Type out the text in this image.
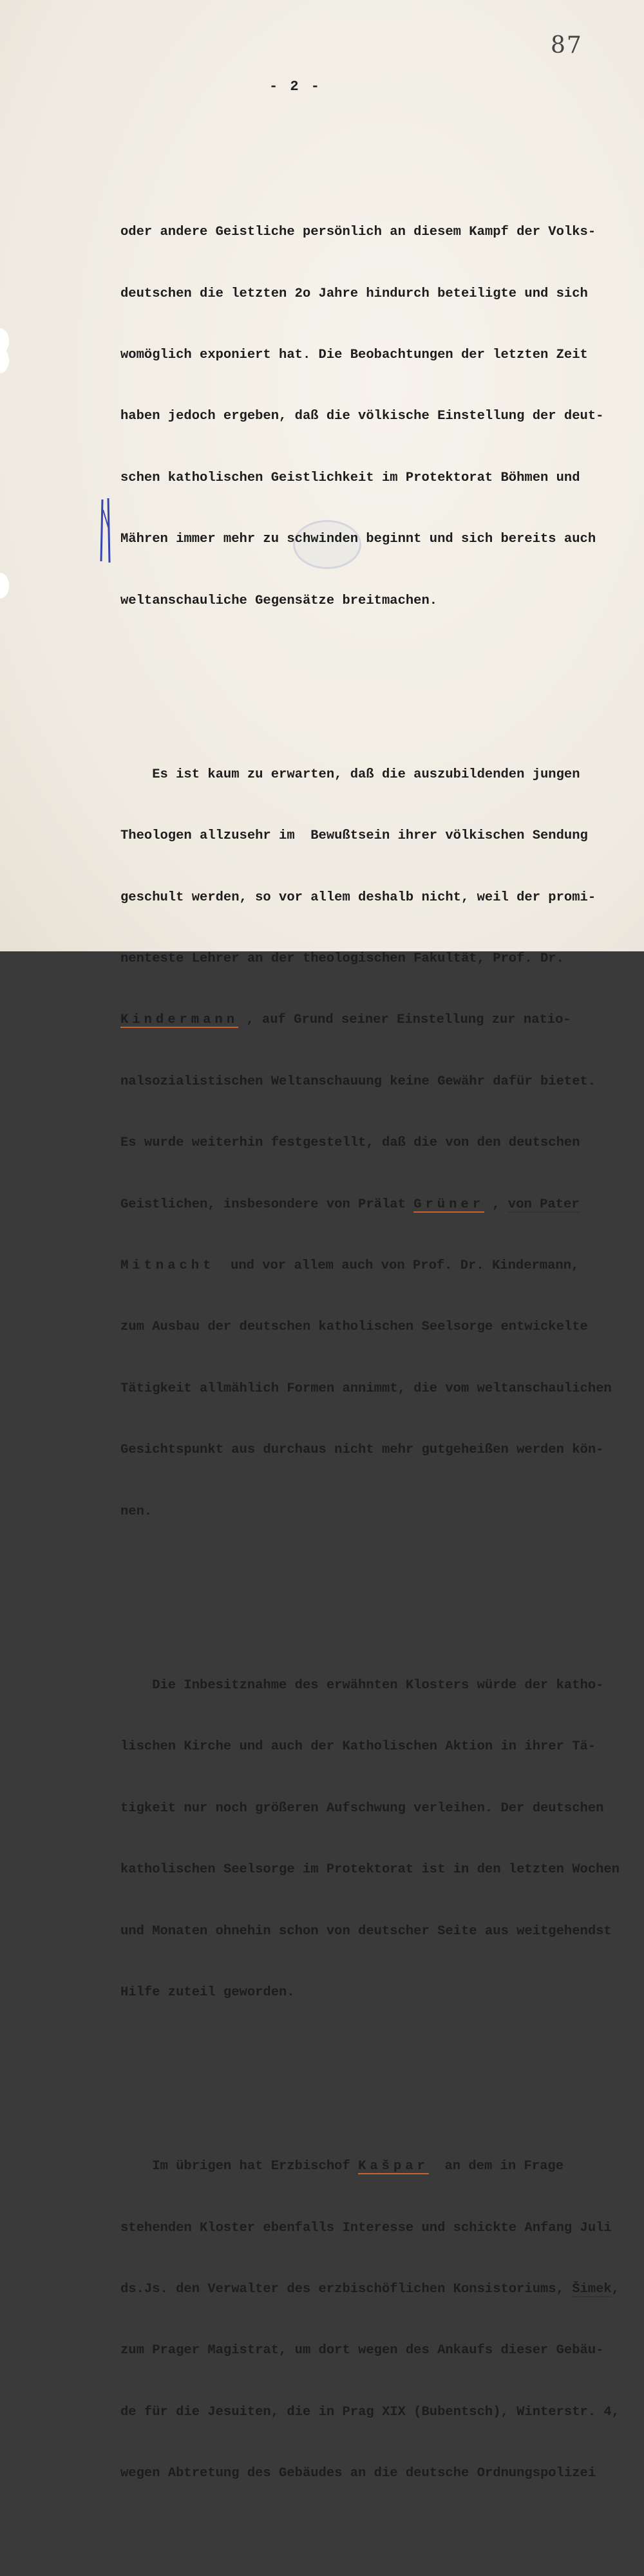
87
- 2 -

oder andere Geistliche persönlich an diesem Kampf der Volks-

deutschen die letzten 2o Jahre hindurch beteiligte und sich

womöglich exponiert hat. Die Beobachtungen der letzten Zeit

haben jedoch ergeben, daß die völkische Einstellung der deut-

schen katholischen Geistlichkeit im Protektorat Böhmen und

Mähren immer mehr zu schwinden beginnt und sich bereits auch

weltanschauliche Gegensätze breitmachen.

Es ist kaum zu erwarten, daß die auszubildenden jungen

Theologen allzusehr im  Bewußtsein ihrer völkischen Sendung

geschult werden, so vor allem deshalb nicht, weil der promi-

nenteste Lehrer an der theologischen Fakultät, Prof. Dr.

Kindermann , auf Grund seiner Einstellung zur natio-

nalsozialistischen Weltanschauung keine Gewähr dafür bietet.

Es wurde weiterhin festgestellt, daß die von den deutschen

Geistlichen, insbesondere von Prälat Grüner , von Pater

Mitnacht  und vor allem auch von Prof. Dr. Kindermann,

zum Ausbau der deutschen katholischen Seelsorge entwickelte

Tätigkeit allmählich Formen annimmt, die vom weltanschaulichen

Gesichtspunkt aus durchaus nicht mehr gutgeheißen werden kön-

nen.

Die Inbesitznahme des erwähnten Klosters würde der katho-

lischen Kirche und auch der Katholischen Aktion in ihrer Tä-

tigkeit nur noch größeren Aufschwung verleihen. Der deutschen

katholischen Seelsorge im Protektorat ist in den letzten Wochen

und Monaten ohnehin schon von deutscher Seite aus weitgehendst

Hilfe zuteil geworden.

Im übrigen hat Erzbischof Kašpar  an dem in Frage

stehenden Kloster ebenfalls Interesse und schickte Anfang Juli

ds.Js. den Verwalter des erzbischöflichen Konsistoriums, Šimek,

zum Prager Magistrat, um dort wegen des Ankaufs dieser Gebäu-

de für die Jesuiten, die in Prag XIX (Bubentsch), Winterstr. 4,

wegen Abtretung des Gebäudes an die deutsche Ordnungspolizei
